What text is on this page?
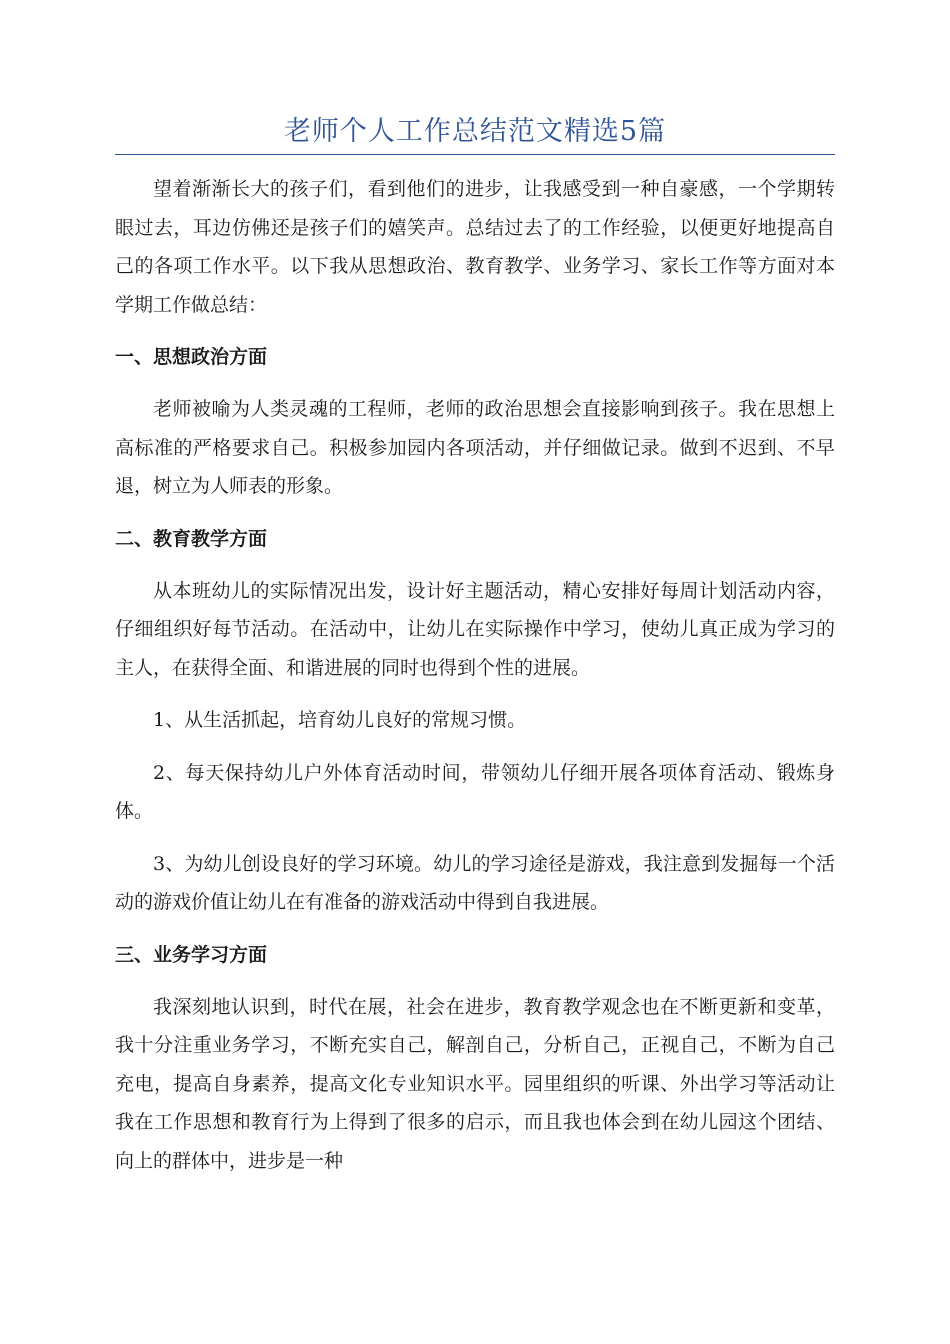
老师个人工作总结范文精选5篇

望着渐渐长大的孩子们，看到他们的进步，让我感受到一种自豪感，一个学期转眼过去，耳边仿佛还是孩子们的嬉笑声。总结过去了的工作经验，以便更好地提高自己的各项工作水平。以下我从思想政治、教育教学、业务学习、家长工作等方面对本学期工作做总结：

一、思想政治方面

老师被喻为人类灵魂的工程师，老师的政治思想会直接影响到孩子。我在思想上高标准的严格要求自己。积极参加园内各项活动，并仔细做记录。做到不迟到、不早退，树立为人师表的形象。

二、教育教学方面

从本班幼儿的实际情况出发，设计好主题活动，精心安排好每周计划活动内容，仔细组织好每节活动。在活动中，让幼儿在实际操作中学习，使幼儿真正成为学习的主人，在获得全面、和谐进展的同时也得到个性的进展。

1、从生活抓起，培育幼儿良好的常规习惯。

2、每天保持幼儿户外体育活动时间，带领幼儿仔细开展各项体育活动、锻炼身体。

3、为幼儿创设良好的学习环境。幼儿的学习途径是游戏，我注意到发掘每一个活动的游戏价值让幼儿在有准备的游戏活动中得到自我进展。

三、业务学习方面

我深刻地认识到，时代在展，社会在进步，教育教学观念也在不断更新和变革，我十分注重业务学习，不断充实自己，解剖自己，分析自己，正视自己，不断为自己充电，提高自身素养，提高文化专业知识水平。园里组织的听课、外出学习等活动让我在工作思想和教育行为上得到了很多的启示，而且我也体会到在幼儿园这个团结、向上的群体中，进步是一种
